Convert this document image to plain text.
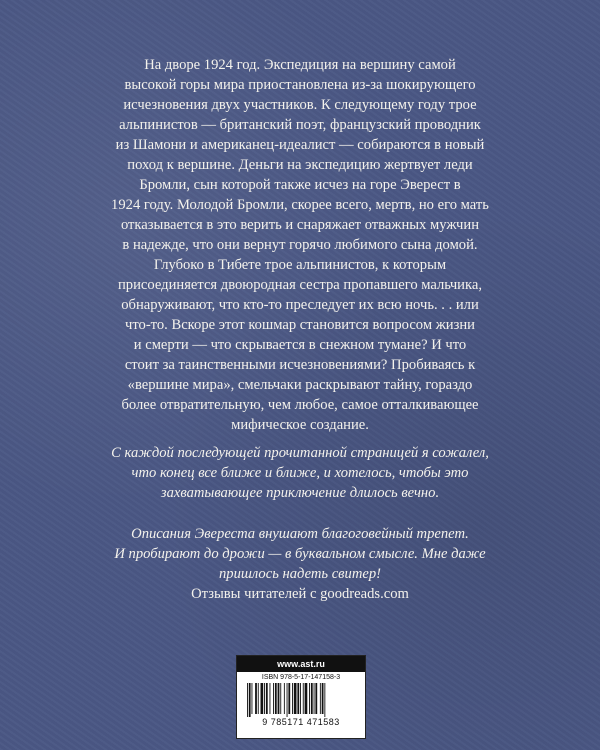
На дворе 1924 год. Экспедиция на вершину самой

высокой горы мира приостановлена из-за шокирующего

исчезновения двух участников. К следующему году трое

альпинистов — британский поэт, французский проводник

из Шамони и американец-идеалист — собираются в новый

поход к вершине. Деньги на экспедицию жертвует леди

Бромли, сын которой также исчез на горе Эверест в

1924 году. Молодой Бромли, скорее всего, мертв, но его мать

отказывается в это верить и снаряжает отважных мужчин

в надежде, что они вернут горячо любимого сына домой.

Глубоко в Тибете трое альпинистов, к которым

присоединяется двоюродная сестра пропавшего мальчика,

обнаруживают, что кто-то преследует их всю ночь. . . или

что-то. Вскоре этот кошмар становится вопросом жизни

и смерти — что скрывается в снежном тумане? И что

стоит за таинственными исчезновениями? Пробиваясь к

«вершине мира», смельчаки раскрывают тайну, гораздо

более отвратительную, чем любое, самое отталкивающее

мифическое создание.

С каждой последующей прочитанной страницей я сожалел,

что конец все ближе и ближе, и хотелось, чтобы это

захватывающее приключение длилось вечно.

Описания Эвереста внушают благоговейный трепет.

И пробирают до дрожи — в буквальном смысле. Мне даже

пришлось надеть свитер!

Отзывы читателей с goodreads.com
www.ast.ru
ISBN 978-5-17-147158-3
9 785171 471583
